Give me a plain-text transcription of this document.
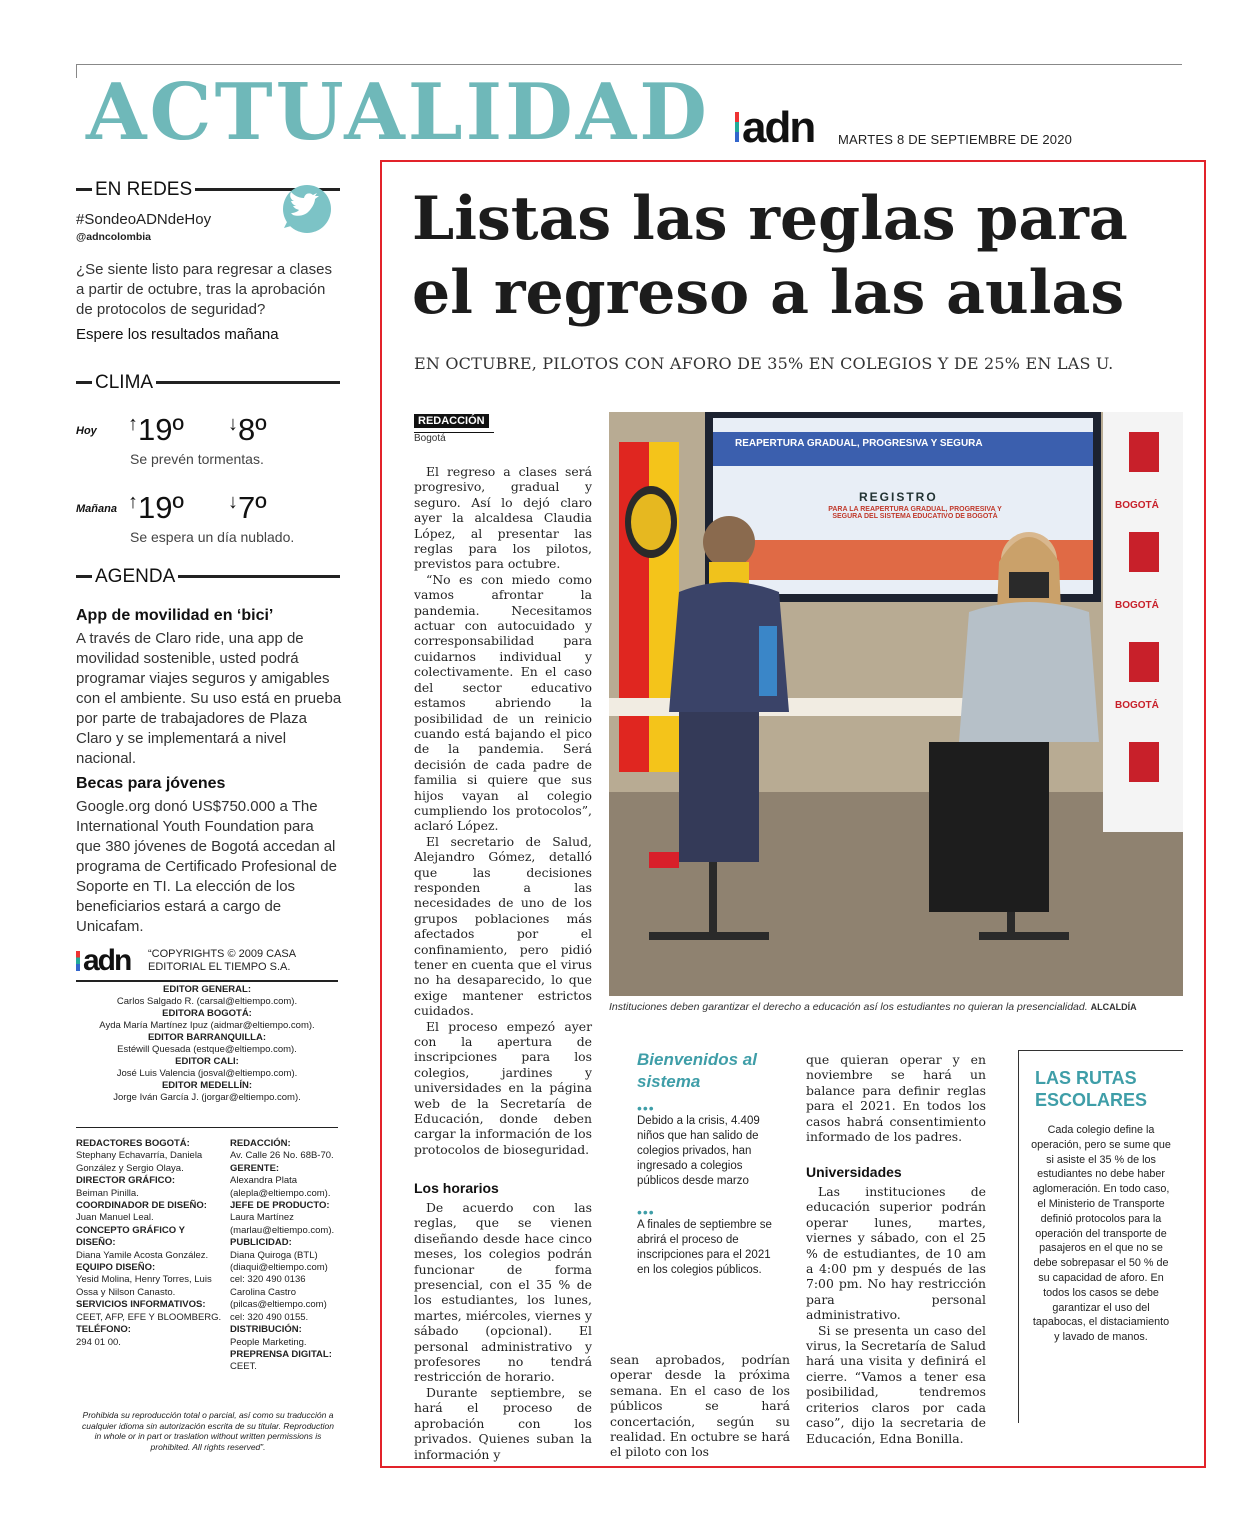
ACTUALIDAD adn MARTES 8 DE SEPTIEMBRE DE 2020
EN REDES
#SondeoADNdeHoy
@adncolombia
¿Se siente listo para regresar a clases a partir de octubre, tras la aprobación de protocolos de seguridad?
Espere los resultados mañana
CLIMA
Hoy ↑19º ↓8º
Se prevén tormentas.
Mañana ↑19º ↓7º
Se espera un día nublado.
AGENDA
App de movilidad en ‘bici’
A través de Claro ride, una app de movilidad sostenible, usted podrá programar viajes seguros y amigables con el ambiente. Su uso está en prueba por parte de trabajadores de Plaza Claro y se implementará a nivel nacional.
Becas para jóvenes
Google.org donó US$750.000 a The International Youth Foundation para que 380 jóvenes de Bogotá accedan al programa de Certificado Profesional de Soporte en TI. La elección de los beneficiarios estará a cargo de Unicafam.
adn “COPYRIGHTS © 2009 CASA EDITORIAL EL TIEMPO S.A.
EDITOR GENERAL:
Carlos Salgado R. (carsal@eltiempo.com).
EDITORA BOGOTÁ:
Ayda María Martínez Ipuz (aidmar@eltiempo.com).
EDITOR BARRANQUILLA:
Estéwill Quesada (estque@eltiempo.com).
EDITOR CALI:
José Luis Valencia (josval@eltiempo.com).
EDITOR MEDELLÍN:
Jorge Iván García J. (jorgar@eltiempo.com).
REDACTORES BOGOTÁ:
Stephany Echavarría, Daniela González y Sergio Olaya.
DIRECTOR GRÁFICO:
Beiman Pinilla.
COORDINADOR DE DISEÑO:
Juan Manuel Leal.
CONCEPTO GRÁFICO Y DISEÑO:
Diana Yamile Acosta González.
EQUIPO DISEÑO:
Yesid Molina, Henry Torres, Luis Ossa y Nilson Canasto.
SERVICIOS INFORMATIVOS:
CEET, AFP, EFE Y BLOOMBERG.
TELÉFONO:
294 01 00.
REDACCIÓN:
Av. Calle 26 No. 68B-70.
GERENTE:
Alexandra Plata (alepla@eltiempo.com).
JEFE DE PRODUCTO:
Laura Martínez (marlau@eltiempo.com).
PUBLICIDAD:
Diana Quiroga (BTL) (diaqui@eltiempo.com) cel: 320 490 0136 Carolina Castro (pilcas@eltiempo.com) cel: 320 490 0155.
DISTRIBUCIÓN:
People Marketing.
PREPRENSA DIGITAL:
CEET.
Prohibida su reproducción total o parcial, así como su traducción a cualquier idioma sin autorización escrita de su titular. Reproduction in whole or in part or traslation without written permissions is prohibited. All rights reserved”.
Listas las reglas para
el regreso a las aulas
EN OCTUBRE, PILOTOS CON AFORO DE 35% EN COLEGIOS Y DE 25% EN LAS U.
REDACCIÓN
Bogotá

El regreso a clases será progresivo, gradual y seguro. Así lo dejó claro ayer la alcaldesa Claudia López, al presentar las reglas para los pilotos, previstos para octubre.

“No es con miedo como vamos afrontar la pandemia. Necesitamos actuar con autocuidado y corresponsabilidad para cuidarnos individual y colectivamente. En el caso del sector educativo estamos abriendo la posibilidad de un reinicio cuando está bajando el pico de la pandemia. Será decisión de cada padre de familia si quiere que sus hijos vayan al colegio cumpliendo los protocolos”, aclaró López.

El secretario de Salud, Alejandro Gómez, detalló que las decisiones responden a las necesidades de uno de los grupos poblaciones más afectados por el confinamiento, pero pidió tener en cuenta que el virus no ha desaparecido, lo que exige mantener estrictos cuidados.

El proceso empezó ayer con la apertura de inscripciones para los colegios, jardines y universidades en la página web de la Secretaría de Educación, donde deben cargar la información de los protocolos de bioseguridad.

Los horarios

De acuerdo con las reglas, que se vienen diseñando desde hace cinco meses, los colegios podrán funcionar de forma presencial, con el 35 % de los estudiantes, los lunes, martes, miércoles, viernes y sábado (opcional). El personal administrativo y profesores no tendrá restricción de horario.

Durante septiembre, se hará el proceso de aprobación con los privados. Quienes suban la información y

REAPERTURA GRADUAL, PROGRESIVA Y SEGURA
REGISTRO
PARA LA REAPERTURA GRADUAL, PROGRESIVA Y SEGURA DEL SISTEMA EDUCATIVO DE BOGOTÁ
BOGOTÁ
BOGOTÁ
BOGOTÁ
Instituciones deben garantizar el derecho a educación así los estudiantes no quieran la presencialidad. ALCALDÍA
Bienvenidos al sistema
•••
Debido a la crisis, 4.409 niños que han salido de colegios privados, han ingresado a colegios públicos desde marzo
•••
A finales de septiembre se abrirá el proceso de inscripciones para el 2021 en los colegios públicos.
sean aprobados, podrían operar desde la próxima semana. En el caso de los públicos se hará concertación, según su realidad. En octubre se hará el piloto con los
que quieran operar y en noviembre se hará un balance para definir reglas para el 2021. En todos los casos habrá consentimiento informado de los padres.
Universidades

Las instituciones de educación superior podrán operar lunes, martes, viernes y sábado, con el 25 % de estudiantes, de 10 am a 4:00 pm y después de las 7:00 pm. No hay restricción para personal administrativo.

Si se presenta un caso del virus, la Secretaría de Salud hará una visita y definirá el cierre. “Vamos a tener esa posibilidad, tendremos criterios claros por cada caso”, dijo la secretaria de Educación, Edna Bonilla.

LAS RUTAS ESCOLARES
Cada colegio define la operación, pero se sume que si asiste el 35 % de los estudiantes no debe haber aglomeración. En todo caso, el Ministerio de Transporte definió protocolos para la operación del transporte de pasajeros en el que no se debe sobrepasar el 50 % de su capacidad de aforo. En todos los casos se debe garantizar el uso del tapabocas, el distaciamiento y lavado de manos.
